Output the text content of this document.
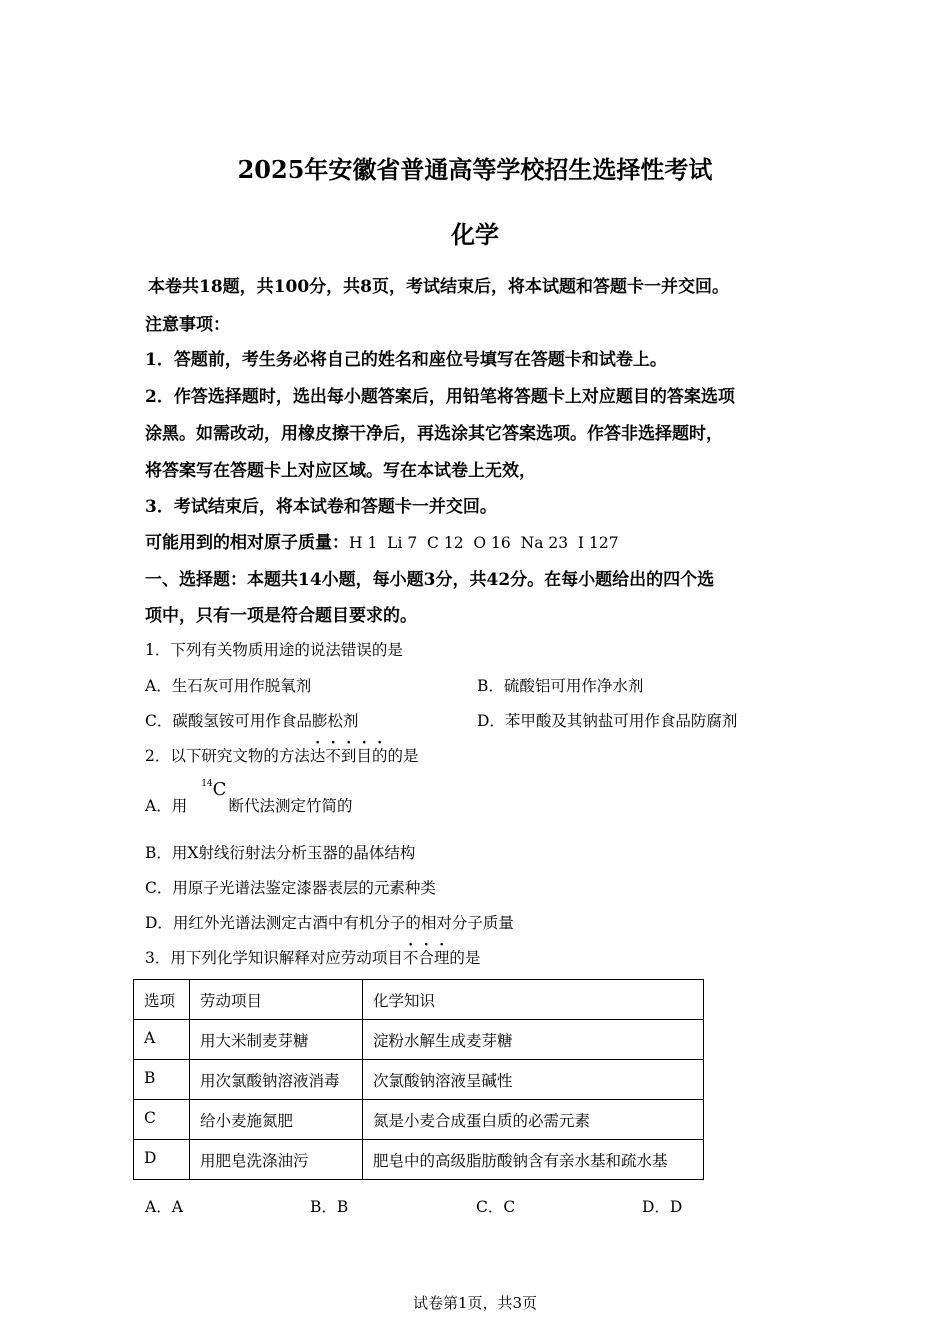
2025年安徽省普通高等学校招生选择性考试
化学
本卷共18题，共100分，共8页，考试结束后，将本试题和答题卡一并交回。
注意事项：
1．答题前，考生务必将自己的姓名和座位号填写在答题卡和试卷上。
2．作答选择题时，选出每小题答案后，用铅笔将答题卡上对应题目的答案选项
涂黑。如需改动，用橡皮擦干净后，再选涂其它答案选项。作答非选择题时，
将答案写在答题卡上对应区域。写在本试卷上无效，
3．考试结束后，将本试卷和答题卡一并交回。
可能用到的相对原子质量：H 1  Li 7  C 12  O 16  Na 23  I 127
一、选择题：本题共14小题，每小题3分，共42分。在每小题给出的四个选
项中，只有一项是符合题目要求的。
1．下列有关物质用途的说法错误的是
A．生石灰可用作脱氧剂	B．硫酸铝可用作净水剂
C．碳酸氢铵可用作食品膨松剂	D．苯甲酸及其钠盐可用作食品防腐剂
2．以下研究文物的方法达不到目的的是
A．用$^{14}$C断代法测定竹简的
B．用X射线衍射法分析玉器的晶体结构
C．用原子光谱法鉴定漆器表层的元素种类
D．用红外光谱法测定古酒中有机分子的相对分子质量
3．用下列化学知识解释对应劳动项目不合理的是
选项	劳动项目	化学知识
A	用大米制麦芽糖	淀粉水解生成麦芽糖
B	用次氯酸钠溶液消毒	次氯酸钠溶液呈碱性
C	给小麦施氮肥	氮是小麦合成蛋白质的必需元素
D	用肥皂洗涤油污	肥皂中的高级脂肪酸钠含有亲水基和疏水基
A．A	B．B	C．C	D．D
试卷第1页，共3页
